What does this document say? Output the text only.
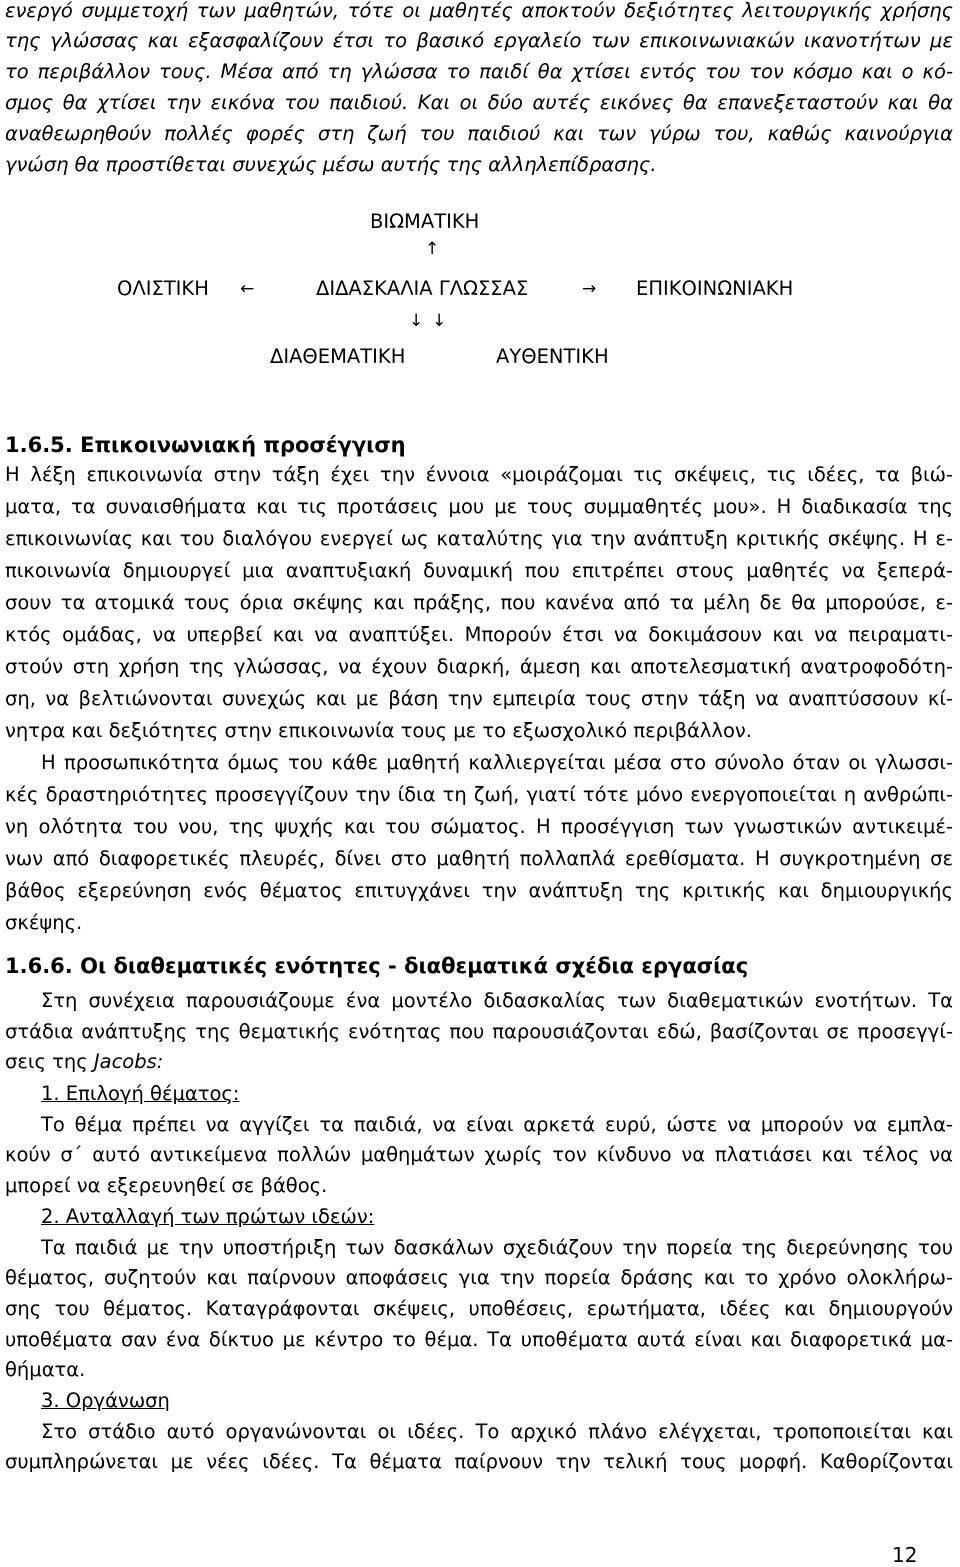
ενεργό συμμετοχή των μαθητών, τότε οι μαθητές αποκτούν δεξιότητες λειτουργικής χρήσης
της γλώσσας και εξασφαλίζουν έτσι το βασικό εργαλείο των επικοινωνιακών ικανοτήτων με
το περιβάλλον τους. Μέσα από τη γλώσσα το παιδί θα χτίσει εντός του τον κόσμο και ο κό-
σμος θα χτίσει την εικόνα του παιδιού. Και οι δύο αυτές εικόνες θα επανεξεταστούν και θα
αναθεωρηθούν πολλές φορές στη ζωή του παιδιού και των γύρω του, καθώς καινούργια
γνώση θα προστίθεται συνεχώς μέσω αυτής της αλληλεπίδρασης.
ΒΙΩΜΑΤΙΚΗ
↑
ΟΛΙΣΤΙΚΗ ←	ΔΙΔΑΣΚΑΛΙΑ ΓΛΩΣΣΑΣ	→ ΕΠΙΚΟΙΝΩΝΙΑΚΗ
↓ ↓
ΔΙΑΘΕΜΑΤΙΚΗ	ΑΥΘΕΝΤΙΚΗ
1.6.5. Επικοινωνιακή προσέγγιση
Η λέξη επικοινωνία στην τάξη έχει την έννοια «μοιράζομαι τις σκέψεις, τις ιδέες, τα βιώ-
ματα, τα συναισθήματα και τις προτάσεις μου με τους συμμαθητές μου». Η διαδικασία της
επικοινωνίας και του διαλόγου ενεργεί ως καταλύτης για την ανάπτυξη κριτικής σκέψης. Η ε-
πικοινωνία δημιουργεί μια αναπτυξιακή δυναμική που επιτρέπει στους μαθητές να ξεπερά-
σουν τα ατομικά τους όρια σκέψης και πράξης, που κανένα από τα μέλη δε θα μπορούσε, ε-
κτός ομάδας, να υπερβεί και να αναπτύξει. Μπορούν έτσι να δοκιμάσουν και να πειραματι-
στούν στη χρήση της γλώσσας, να έχουν διαρκή, άμεση και αποτελεσματική ανατροφοδότη-
ση, να βελτιώνονται συνεχώς και με βάση την εμπειρία τους στην τάξη να αναπτύσσουν κί-
νητρα και δεξιότητες στην επικοινωνία τους με το εξωσχολικό περιβάλλον.
Η προσωπικότητα όμως του κάθε μαθητή καλλιεργείται μέσα στο σύνολο όταν οι γλωσσι-
κές δραστηριότητες προσεγγίζουν την ίδια τη ζωή, γιατί τότε μόνο ενεργοποιείται η ανθρώπι-
νη ολότητα του νου, της ψυχής και του σώματος. Η προσέγγιση των γνωστικών αντικειμέ-
νων από διαφορετικές πλευρές, δίνει στο μαθητή πολλαπλά ερεθίσματα. Η συγκροτημένη σε
βάθος εξερεύνηση ενός θέματος επιτυγχάνει την ανάπτυξη της κριτικής και δημιουργικής
σκέψης.
1.6.6. Οι διαθεματικές ενότητες - διαθεματικά σχέδια εργασίας
Στη συνέχεια παρουσιάζουμε ένα μοντέλο διδασκαλίας των διαθεματικών ενοτήτων. Τα
στάδια ανάπτυξης της θεματικής ενότητας που παρουσιάζονται εδώ, βασίζονται σε προσεγγί-
σεις της Jacobs:
1. Επιλογή θέματος:
Το θέμα πρέπει να αγγίζει τα παιδιά, να είναι αρκετά ευρύ, ώστε να μπορούν να εμπλα-
κούν σ΄ αυτό αντικείμενα πολλών μαθημάτων χωρίς τον κίνδυνο να πλατιάσει και τέλος να
μπορεί να εξερευνηθεί σε βάθος.
2. Ανταλλαγή των πρώτων ιδεών:
Τα παιδιά με την υποστήριξη των δασκάλων σχεδιάζουν την πορεία της διερεύνησης του
θέματος, συζητούν και παίρνουν αποφάσεις για την πορεία δράσης και το χρόνο ολοκλήρω-
σης του θέματος. Καταγράφονται σκέψεις, υποθέσεις, ερωτήματα, ιδέες και δημιουργούν
υποθέματα σαν ένα δίκτυο με κέντρο το θέμα. Τα υποθέματα αυτά είναι και διαφορετικά μα-
θήματα.
3. Οργάνωση
Στο στάδιο αυτό οργανώνονται οι ιδέες. Το αρχικό πλάνο ελέγχεται, τροποποιείται και
συμπληρώνεται με νέες ιδέες. Τα θέματα παίρνουν την τελική τους μορφή. Καθορίζονται
12
